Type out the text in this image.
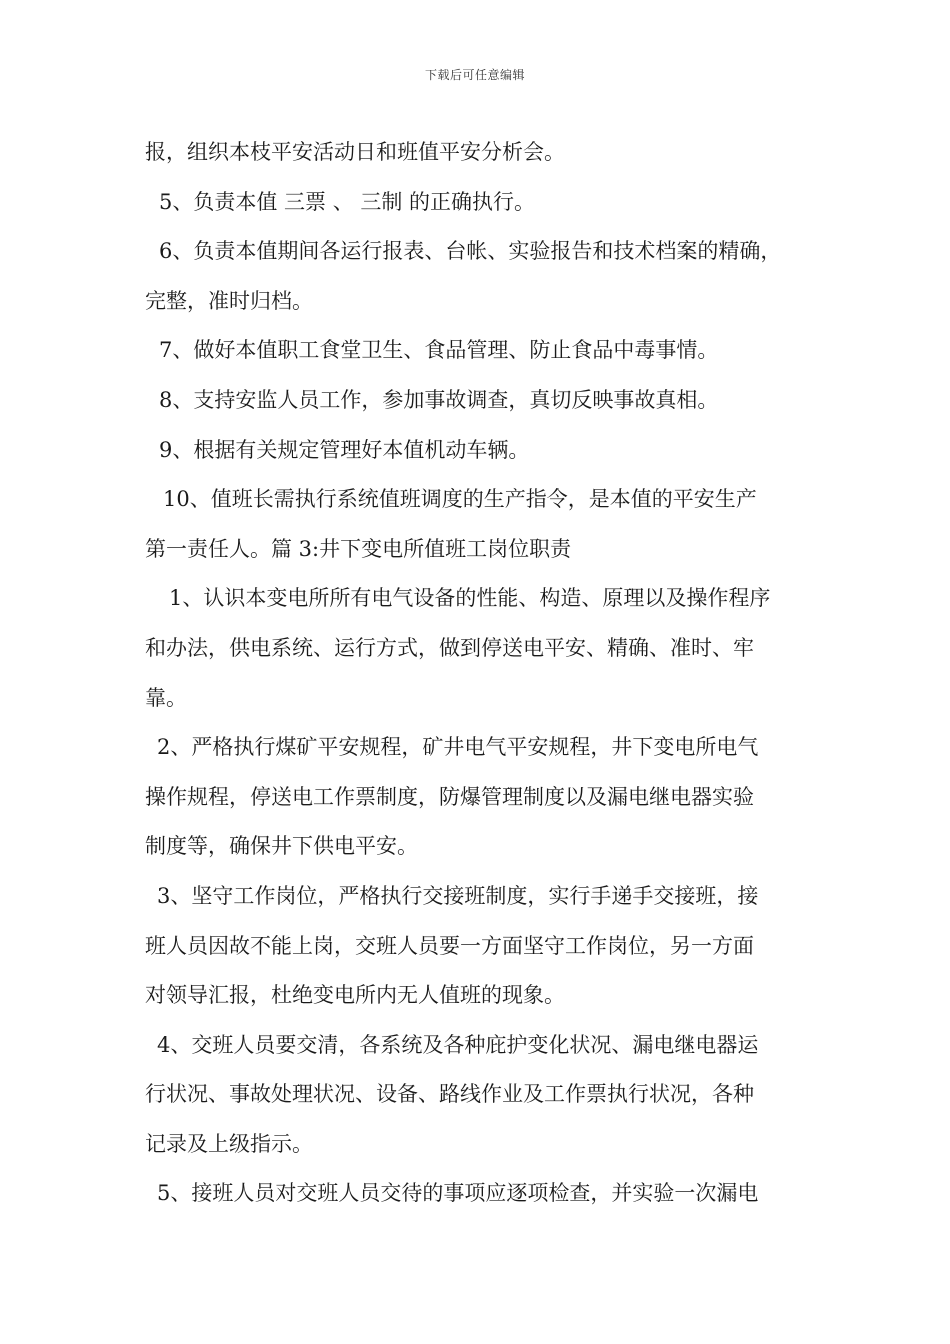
下载后可任意编辑
报，组织本枝平安活动日和班值平安分析会。
5、负责本值 三票 、 三制 的正确执行。
6、负责本值期间各运行报表、台帐、实验报告和技术档案的精确，
完整，准时归档。
7、做好本值职工食堂卫生、食品管理、防止食品中毒事情。
8、支持安监人员工作，参加事故调查，真切反映事故真相。
9、根据有关规定管理好本值机动车辆。
10、值班长需执行系统值班调度的生产指令，是本值的平安生产
第一责任人。篇 3:井下变电所值班工岗位职责
1、认识本变电所所有电气设备的性能、构造、原理以及操作程序
和办法，供电系统、运行方式，做到停送电平安、精确、准时、牢
靠。
2、严格执行煤矿平安规程，矿井电气平安规程，井下变电所电气
操作规程，停送电工作票制度，防爆管理制度以及漏电继电器实验
制度等，确保井下供电平安。
3、坚守工作岗位，严格执行交接班制度，实行手递手交接班，接
班人员因故不能上岗，交班人员要一方面坚守工作岗位，另一方面
对领导汇报，杜绝变电所内无人值班的现象。
4、交班人员要交清，各系统及各种庇护变化状况、漏电继电器运
行状况、事故处理状况、设备、路线作业及工作票执行状况，各种
记录及上级指示。
5、接班人员对交班人员交待的事项应逐项检查，并实验一次漏电
